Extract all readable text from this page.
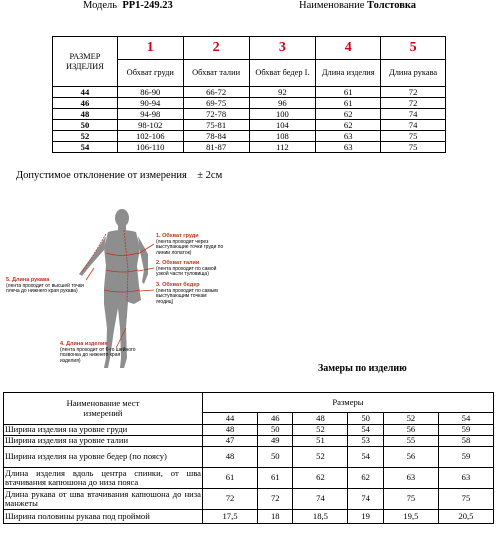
Модель PP1-249.23	Наименование Толстовка
РАЗМЕР ИЗДЕЛИЯ	1	2	3	4	5
	Обхват груди	Обхват талии	Обхват бедер I.	Длина изделия	Длина рукава
44	86-90	66-72	92	61	72
46	90-94	69-75	96	61	72
48	94-98	72-78	100	62	74
50	98-102	75-81	104	62	74
52	102-106	78-84	108	63	75
54	106-110	81-87	112	63	75
Допустимое отклонение от измерения ± 2см
1. Обхват груди
(лента проходит через выступающие точки груди по линии лопаток)
2. Обхват талии
(лента проходит по самой узкой части туловища)
3. Обхват бедер
(лента проходит по самым выступающим точкам ягодиц)
5. Длина рукава
(лента проходит от высшей точки плеча до нижнего края рукава)
4. Длина изделия
(лента проходит от 6-го шейного позвонка до нижнего края изделия)
Замеры по изделию
Наименование мест измерений	Размеры					
	44	46	48	50	52	54
Ширина изделия на уровне груди	48	50	52	54	56	59
Ширина изделия на уровне талии	47	49	51	53	55	58
Ширина изделия на уровне бедер (по поясу)	48	50	52	54	56	59
Длина изделия вдоль центра спинки, от шва втачивания капюшона до низа пояса	61	61	62	62	63	63
Длина рукава от шва втачивания капюшона до низа манжеты	72	72	74	74	75	75
Ширина половины рукава под проймой	17,5	18	18,5	19	19,5	20,5
